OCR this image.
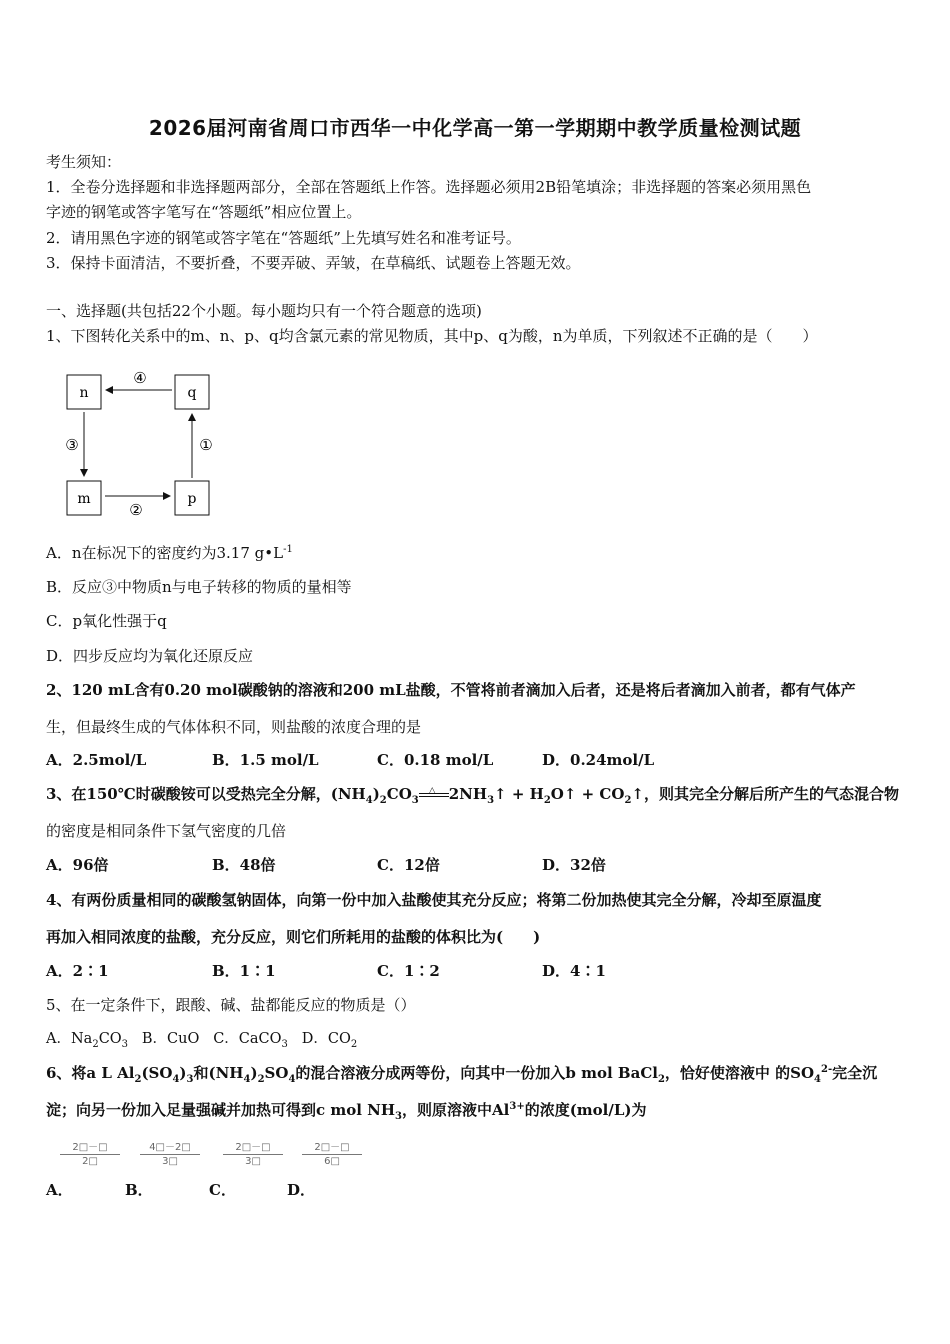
2026届河南省周口市西华一中化学高一第一学期期中教学质量检测试题
考生须知：
1．全卷分选择题和非选择题两部分，全部在答题纸上作答。选择题必须用2B铅笔填涂；非选择题的答案必须用黑色
字迹的钢笔或答字笔写在“答题纸”相应位置上。
2．请用黑色字迹的钢笔或答字笔在“答题纸”上先填写姓名和准考证号。
3．保持卡面清洁，不要折叠，不要弄破、弄皱，在草稿纸、试题卷上答题无效。
一、选择题(共包括22个小题。每小题均只有一个符合题意的选项)
1、下图转化关系中的m、n、p、q均含氯元素的常见物质，其中p、q为酸，n为单质，下列叙述不正确的是（　　）
n	q
m	p
④
③
②
①
A．n在标况下的密度约为3.17 $g•L^{-1}$
B．反应③中物质n与电子转移的物质的量相等
C．p氧化性强于q
D．四步反应均为氧化还原反应
2、120 mL含有0.20 mol碳酸钠的溶液和200 mL盐酸，不管将前者滴加入后者，还是将后者滴加入前者，都有气体产
生，但最终生成的气体体积不同，则盐酸的浓度合理的是
A．2.5mol/L	B．1.5 mol/L	C．0.18 mol/L	D．0.24mol/L
3、在150℃时碳酸铵可以受热完全分解，$(NH_4)_2CO_3$
△ $2NH_3↑$ + $H_2O↑$ + $CO_2↑$，则其完全分解后所产生的气态混合物
的密度是相同条件下氢气密度的几倍
A．96倍	B．48倍	C．12倍	D．32倍
4、有两份质量相同的碳酸氢钠固体，向第一份中加入盐酸使其充分反应；将第二份加热使其完全分解，冷却至原温度
再加入相同浓度的盐酸，充分反应，则它们所耗用的盐酸的体积比为(　　)
A．2∶1	B．1∶1	C．1∶2	D．4∶1
5、在一定条件下，跟酸、碱、盐都能反应的物质是（）
A．$Na_2CO_3$ B．CuO C．CaCO$_3$ D．$CO_2$
6、将a L $Al_2(SO_4)_3$和$(NH_4)_2SO_4$的混合溶液分成两等份，向其中一份加入b mol BaCl$_2$，恰好使溶液中 的$SO_4^{2-}$完全沉
淀；向另一份加入足量强碱并加热可得到c mol $NH_3$，则原溶液中$Al^{3+}$的浓度(mol/L)为
$\frac{2□-□}{2□} \frac{4□-2□}{3□} \frac{2□-□}{3□} \frac{2□-□}{6□}$
A．	B．	C．	D．
